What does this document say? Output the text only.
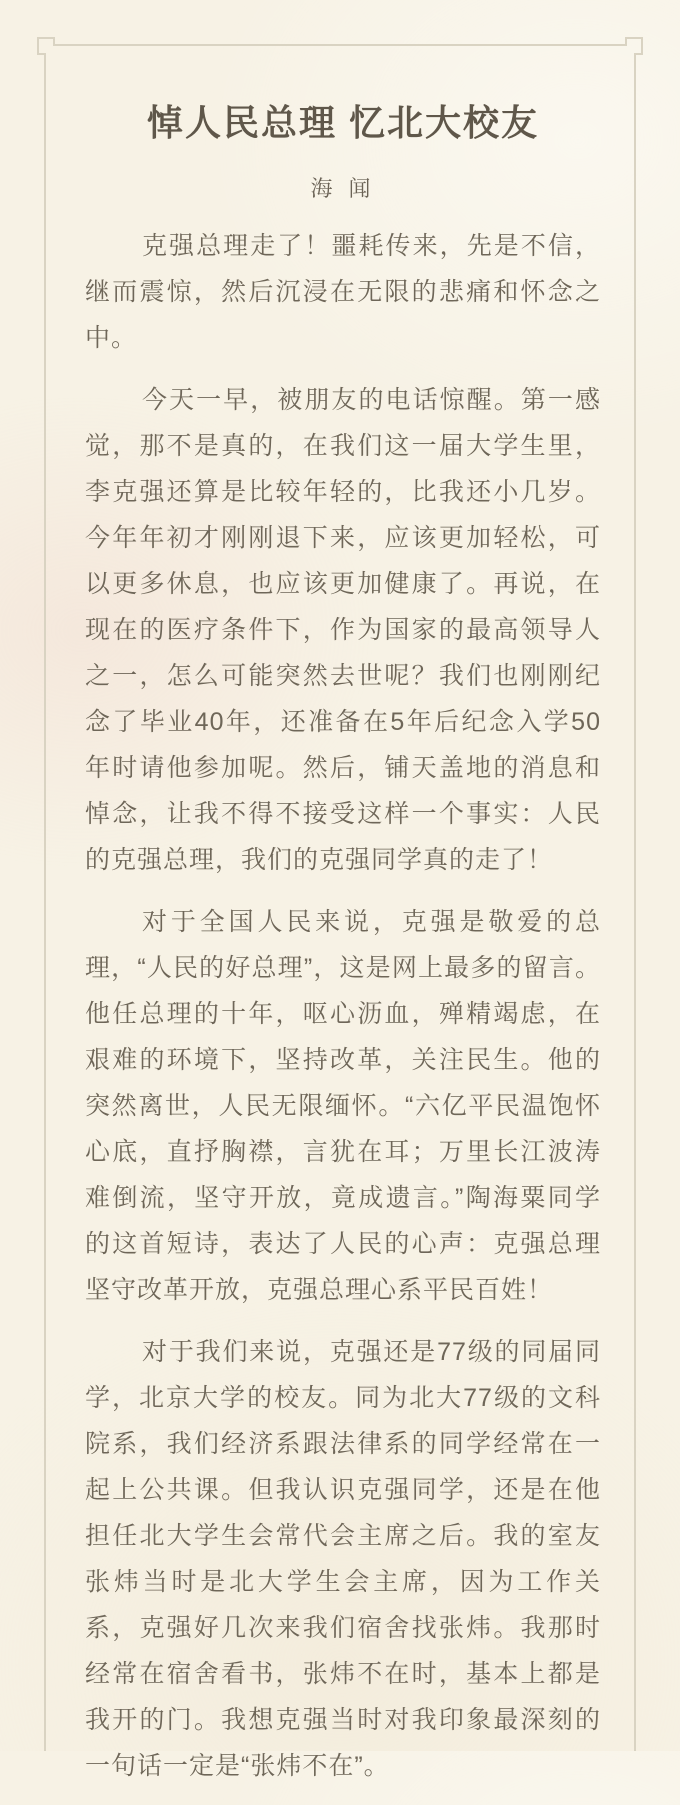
悼人民总理 忆北大校友
海 闻

克强总理走了！噩耗传来，先是不信，继而震惊，然后沉浸在无限的悲痛和怀念之中。

今天一早，被朋友的电话惊醒。第一感觉，那不是真的，在我们这一届大学生里，李克强还算是比较年轻的，比我还小几岁。今年年初才刚刚退下来，应该更加轻松，可以更多休息，也应该更加健康了。再说，在现在的医疗条件下，作为国家的最高领导人之一，怎么可能突然去世呢？我们也刚刚纪念了毕业40年，还准备在5年后纪念入学50年时请他参加呢。然后，铺天盖地的消息和悼念，让我不得不接受这样一个事实：人民的克强总理，我们的克强同学真的走了！

对于全国人民来说，克强是敬爱的总理，“人民的好总理”，这是网上最多的留言。他任总理的十年，呕心沥血，殚精竭虑，在艰难的环境下，坚持改革，关注民生。他的突然离世，人民无限缅怀。“六亿平民温饱怀心底，直抒胸襟，言犹在耳；万里长江波涛难倒流，坚守开放，竟成遗言。”陶海粟同学的这首短诗，表达了人民的心声：克强总理坚守改革开放，克强总理心系平民百姓！

对于我们来说，克强还是77级的同届同学，北京大学的校友。同为北大77级的文科院系，我们经济系跟法律系的同学经常在一起上公共课。但我认识克强同学，还是在他担任北大学生会常代会主席之后。我的室友张炜当时是北大学生会主席，因为工作关系，克强好几次来我们宿舍找张炜。我那时经常在宿舍看书，张炜不在时，基本上都是我开的门。我想克强当时对我印象最深刻的一句话一定是“张炜不在”。
